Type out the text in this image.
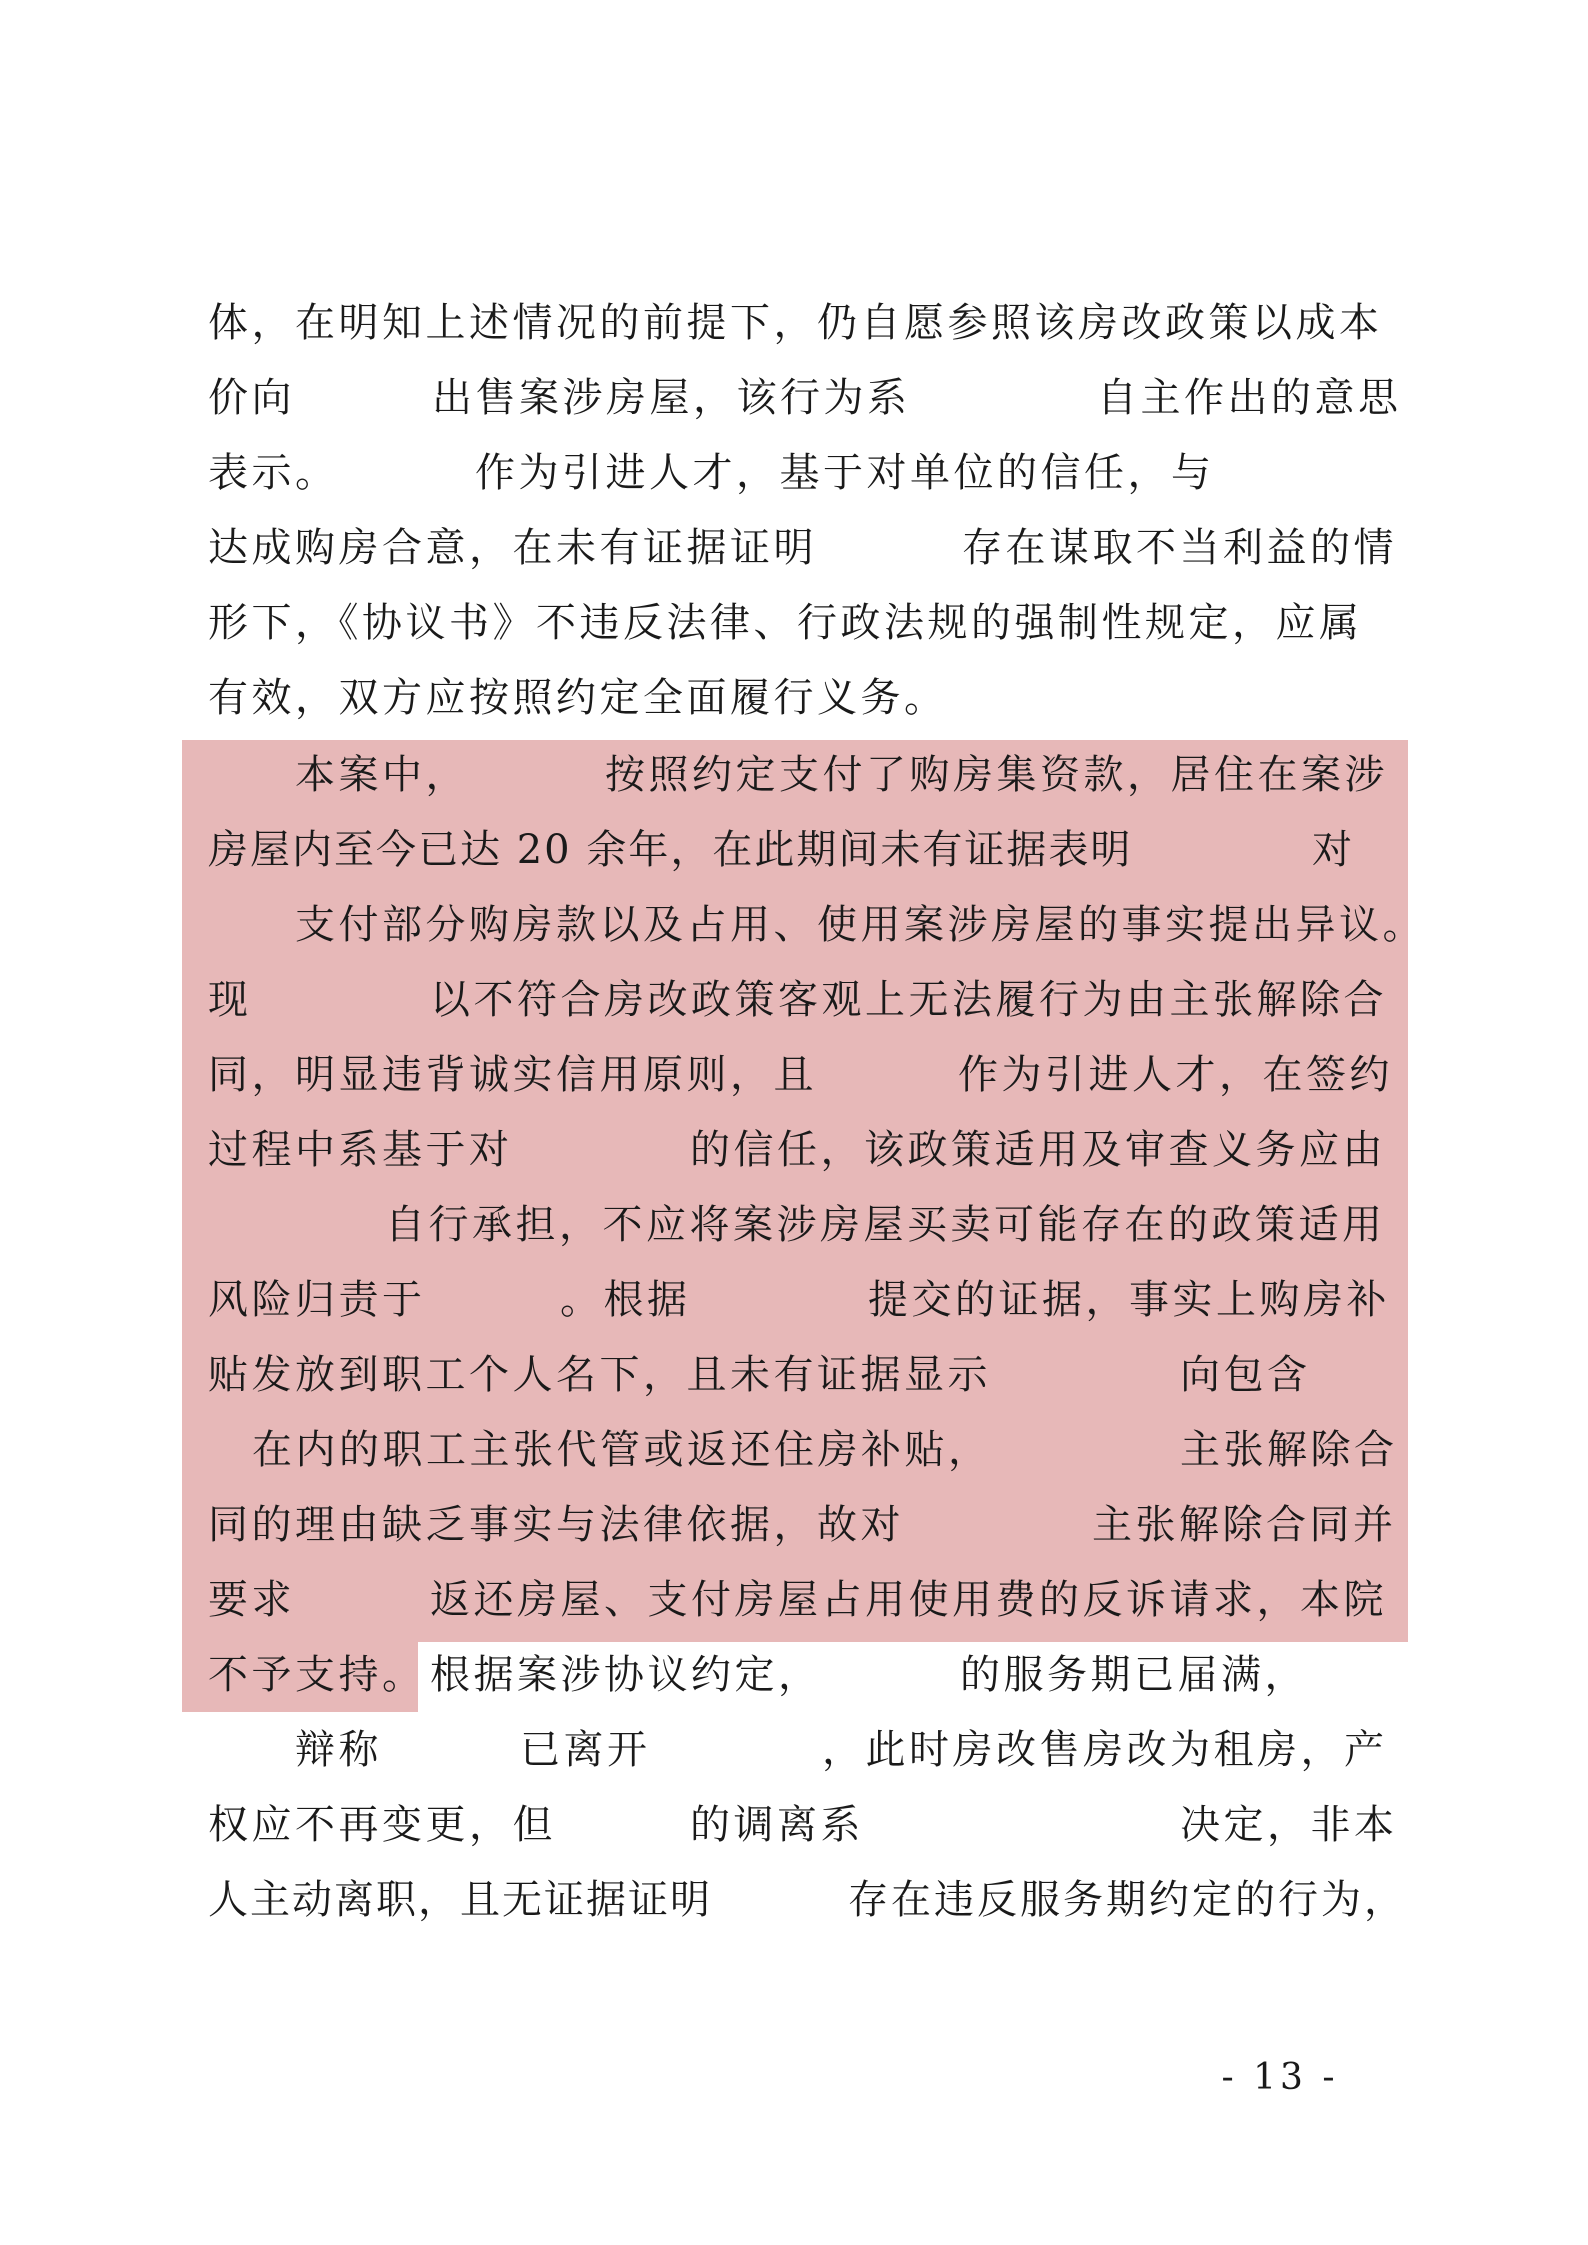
体，在明知上述情况的前提下，仍自愿参照该房改政策以成本
价向	出售案涉房屋，该行为系	自主作出的意思
表示。	作为引进人才，基于对单位的信任，与
达成购房合意，在未有证据证明	存在谋取不当利益的情
形下，《协议书》不违反法律、行政法规的强制性规定，应属
有效，双方应按照约定全面履行义务。
本案中，	按照约定支付了购房集资款，居住在案涉
房屋内至今已达 20 余年，在此期间未有证据表明	对
支付部分购房款以及占用、使用案涉房屋的事实提出异议。
现	以不符合房改政策客观上无法履行为由主张解除合
同，明显违背诚实信用原则，且	作为引进人才，在签约
过程中系基于对	的信任，该政策适用及审查义务应由
自行承担，不应将案涉房屋买卖可能存在的政策适用
风险归责于	。根据	提交的证据，事实上购房补
贴发放到职工个人名下，且未有证据显示	向包含
在内的职工主张代管或返还住房补贴，	主张解除合
同的理由缺乏事实与法律依据，故对	主张解除合同并
要求	返还房屋、支付房屋占用使用费的反诉请求，本院
不予支持。 根据案涉协议约定，	的服务期已届满，
辩称	已离开	，此时房改售房改为租房，产
权应不再变更，但	的调离系	决定，非本
人主动离职，且无证据证明	存在违反服务期约定的行为，
- 13 -
